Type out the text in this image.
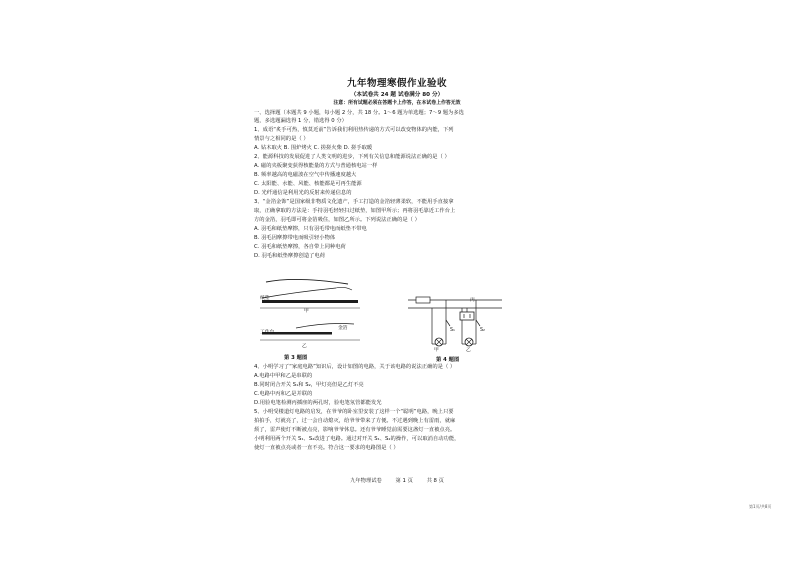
九年物理寒假作业验收
（本试卷共 24 题 试卷满分 80 分）
注意：所有试题必须在答题卡上作答，在本试卷上作答无效
一、选择题（本题共 9 小题，每小题 2 分，共 18 分。1～6 题为单选题；7～9 题为多选
题，多选题漏选得 1 分，错选得 0 分）
1、成语“炙手可热，慎莫近前”告诉我们利用热传递的方式可以改变物体的内能，下列
情景与之相同的是（ ）
A. 钻木取火 B. 围炉烤火 C. 搓搓火柴 D. 搓手取暖
2、能源科技的发展促进了人类文明的进步，下列有关信息和能源说法正确的是（ ）
A. 磁的夹板聚变获得核能量的方式与普通核电站一样
B. 频率越高的电磁波在空气中传播速度越大
C. 太阳能、水能、风能、核能都是可再生能源
D. 光纤通信是利用光的反射来传递信息的
3、“金箔金饰”是国家级非物质文化遗产，手工打造的金箔轻薄柔软，不能用手直接拿
取，正确拿取的方法是：手持羽毛轻轻扫过纸垫，如图甲所示；再将羽毛靠近工作台上
方的金箔，羽毛即可将金箔吸住，如图乙所示。下列说法正确的是（ ）
A. 羽毛和纸垫摩擦，只有羽毛带电而纸垫不带电
B. 羽毛因摩擦带电而吸引轻小物体
C. 羽毛和纸垫摩擦，各自带上同种电荷
D. 羽毛和纸垫摩擦创造了电荷
纸垫
甲
工作台
金箔
乙
第 3 题图
丙
S₁	S₂
甲	乙
第 4 题图
4、小明学习了“家庭电路”知识后，设计如图的电路，关于该电路的说法正确的是（ ）
A.电路中甲和乙是串联的
B.同时闭合开关 S₁和 S₂，甲灯亮但是乙灯不亮
C.电路中丙和乙是并联的
D.用验电笔检测丙插座的两孔时，验电笔氖管都能发光
5、小明受楼道灯电路的启发，在爷爷的卧室里安装了这样一个“聪明”电路，晚上只要
拍拍手，灯就亮了，过一会自动熄灭，给爷爷带来了方便。不过遇到晚上有雷雨，就麻
烦了，雷声使灯不断被点亮，影响爷爷休息。还有爷爷睡觉前需要这盏灯一直被点亮。
小明利用两个开关 S₁、S₂改进了电路。通过对开关 S₁、S₂的操作，可以取消自动功能，
使灯一直被点亮或者一直不亮。符合这一要求的电路图是（ ）
九年物理试卷	第 1 页	共 8 页
第1页/共8页
